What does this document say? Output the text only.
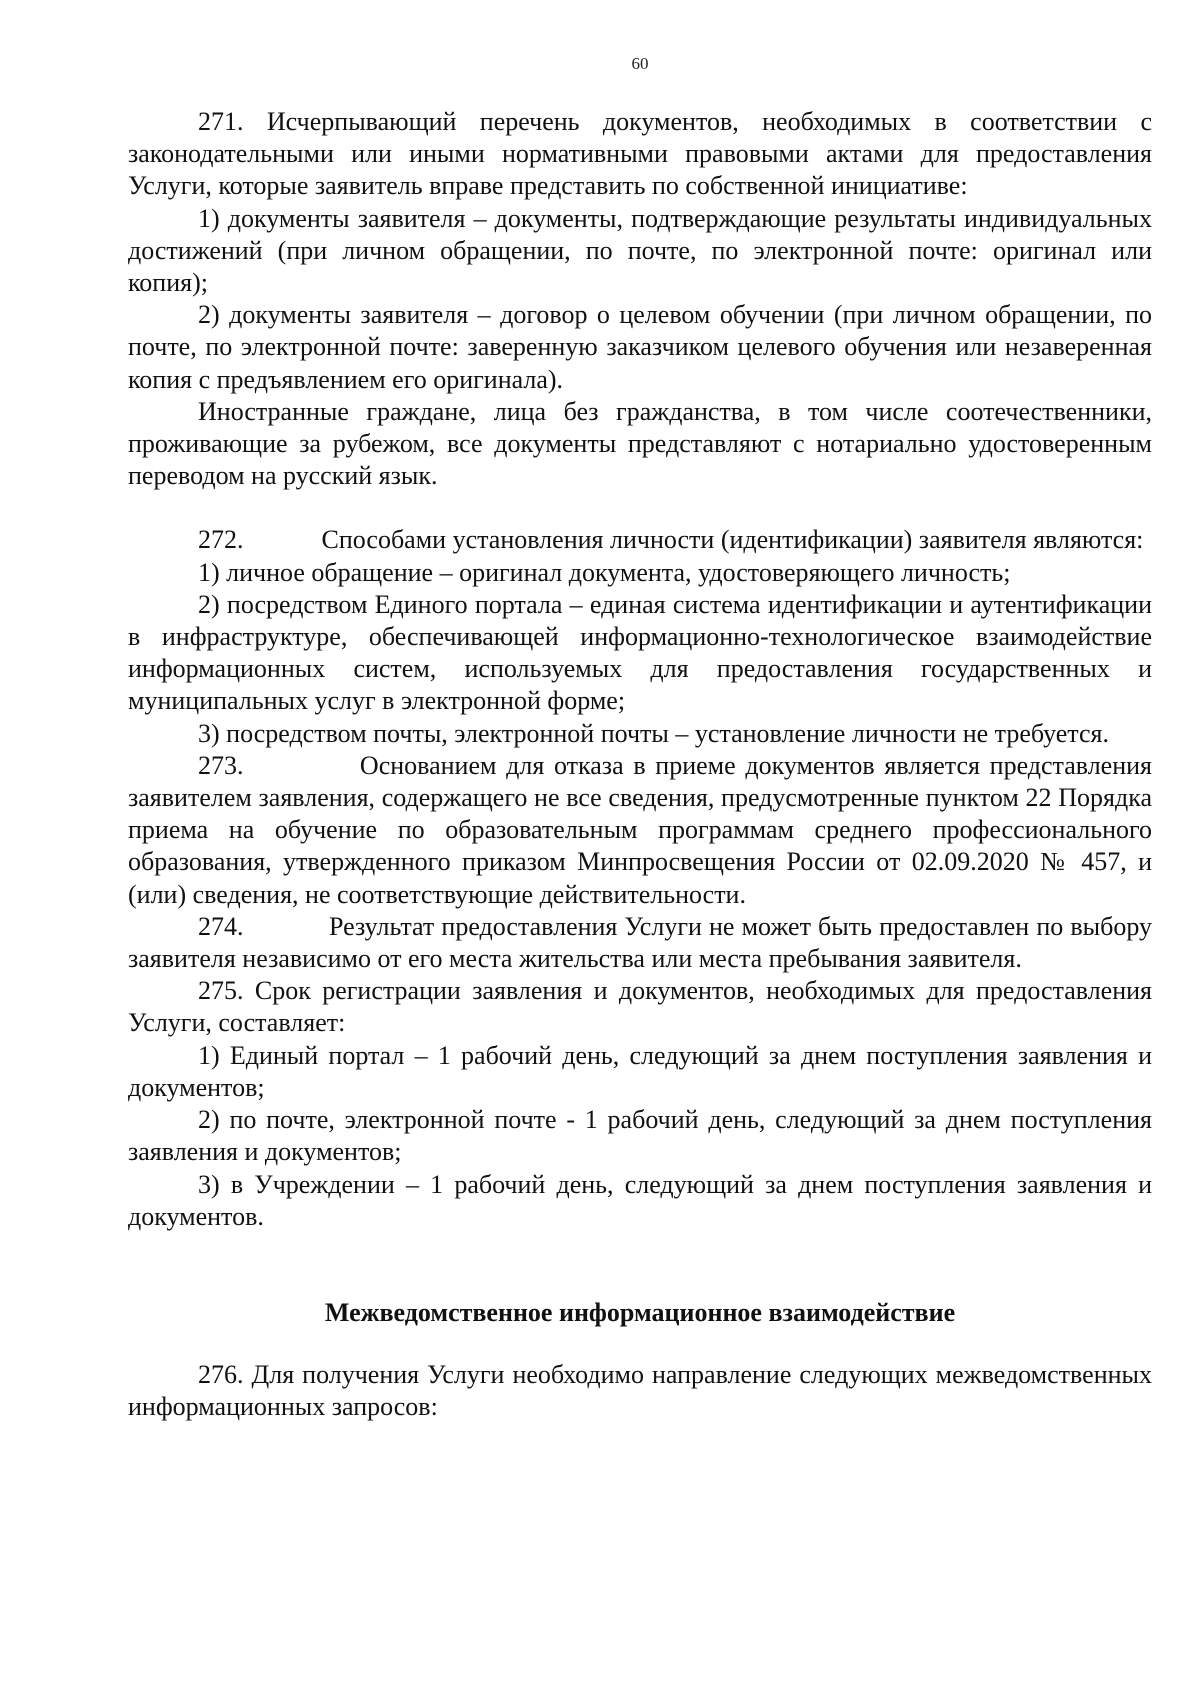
60

271. Исчерпывающий перечень документов, необходимых в соответствии с законодательными или иными нормативными правовыми актами для предоставления Услуги, которые заявитель вправе представить по собственной инициативе:

1) документы заявителя – документы, подтверждающие результаты индивидуальных достижений (при личном обращении, по почте, по электронной почте: оригинал или копия);

2) документы заявителя – договор о целевом обучении (при личном обращении, по почте, по электронной почте: заверенную заказчиком целевого обучения или незаверенная копия с предъявлением его оригинала).

Иностранные граждане, лица без гражданства, в том числе соотечественники, проживающие за рубежом, все документы представляют с нотариально удостоверенным переводом на русский язык.

272.            Способами установления личности (идентификации) заявителя являются:

1) личное обращение – оригинал документа, удостоверяющего личность;

2) посредством Единого портала – единая система идентификации и аутентификации в инфраструктуре, обеспечивающей информационно-технологическое взаимодействие информационных систем, используемых для предоставления государственных и муниципальных услуг в электронной форме;

3) посредством почты, электронной почты – установление личности не требуется.

273.            Основанием для отказа в приеме документов является представления заявителем заявления, содержащего не все сведения, предусмотренные пунктом 22 Порядка приема на обучение по образовательным программам среднего профессионального образования, утвержденного приказом Минпросвещения России от 02.09.2020 № 457, и (или) сведения, не соответствующие действительности.

274.            Результат предоставления Услуги не может быть предоставлен по выбору заявителя независимо от его места жительства или места пребывания заявителя.

275. Срок регистрации заявления и документов, необходимых для предоставления Услуги, составляет:

1) Единый портал – 1 рабочий день, следующий за днем поступления заявления и документов;

2) по почте, электронной почте - 1 рабочий день, следующий за днем поступления заявления и документов;

3) в Учреждении – 1 рабочий день, следующий за днем поступления заявления и документов.

Межведомственное информационное взаимодействие

276. Для получения Услуги необходимо направление следующих межведомственных информационных запросов:
